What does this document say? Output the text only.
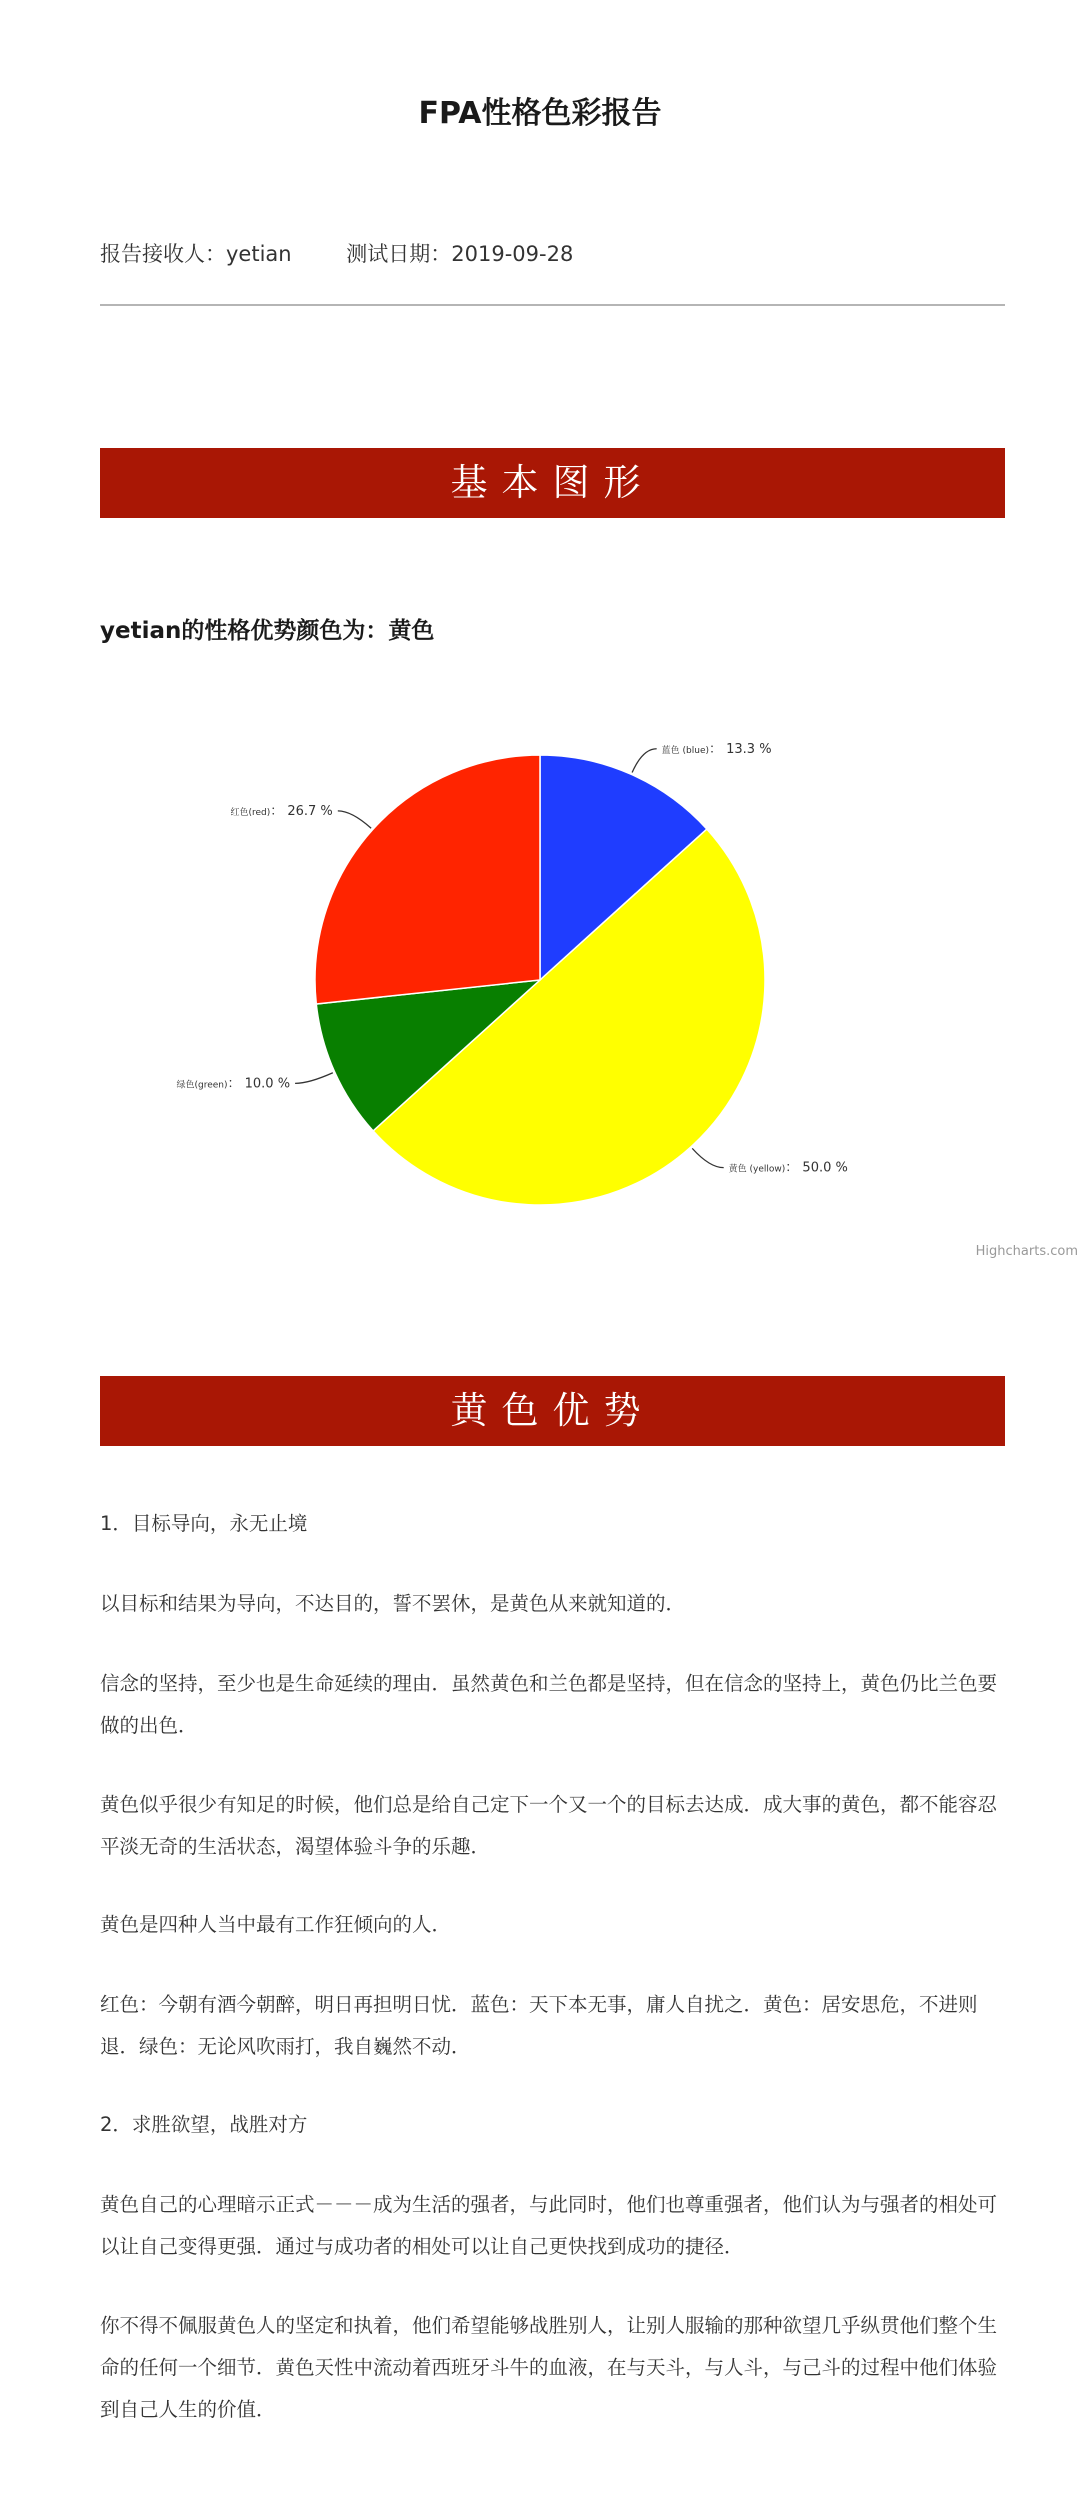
FPA性格色彩报告
报告接收人：yetian	测试日期：2019-09-28
基本图形
yetian的性格优势颜色为：黄色
蓝色 (blue)： 13.3 %
黄色 (yellow)： 50.0 %
绿色(green)： 10.0 %
红色(red)： 26.7 %
Highcharts.com
黄色优势
1．目标导向，永无止境
以目标和结果为导向，不达目的，誓不罢休，是黄色从来就知道的．
信念的坚持，至少也是生命延续的理由．虽然黄色和兰色都是坚持，但在信念的坚持上，黄色仍比兰色要做的出色．
黄色似乎很少有知足的时候，他们总是给自己定下一个又一个的目标去达成．成大事的黄色，都不能容忍平淡无奇的生活状态，渴望体验斗争的乐趣．
黄色是四种人当中最有工作狂倾向的人．
红色：今朝有酒今朝醉，明日再担明日忧．蓝色：天下本无事，庸人自扰之．黄色：居安思危，不进则退．绿色：无论风吹雨打，我自巍然不动．
2．求胜欲望，战胜对方
黄色自己的心理暗示正式－－－成为生活的强者，与此同时，他们也尊重强者，他们认为与强者的相处可以让自己变得更强．通过与成功者的相处可以让自己更快找到成功的捷径．
你不得不佩服黄色人的坚定和执着，他们希望能够战胜别人，让别人服输的那种欲望几乎纵贯他们整个生命的任何一个细节．黄色天性中流动着西班牙斗牛的血液，在与天斗，与人斗，与己斗的过程中他们体验到自己人生的价值．
